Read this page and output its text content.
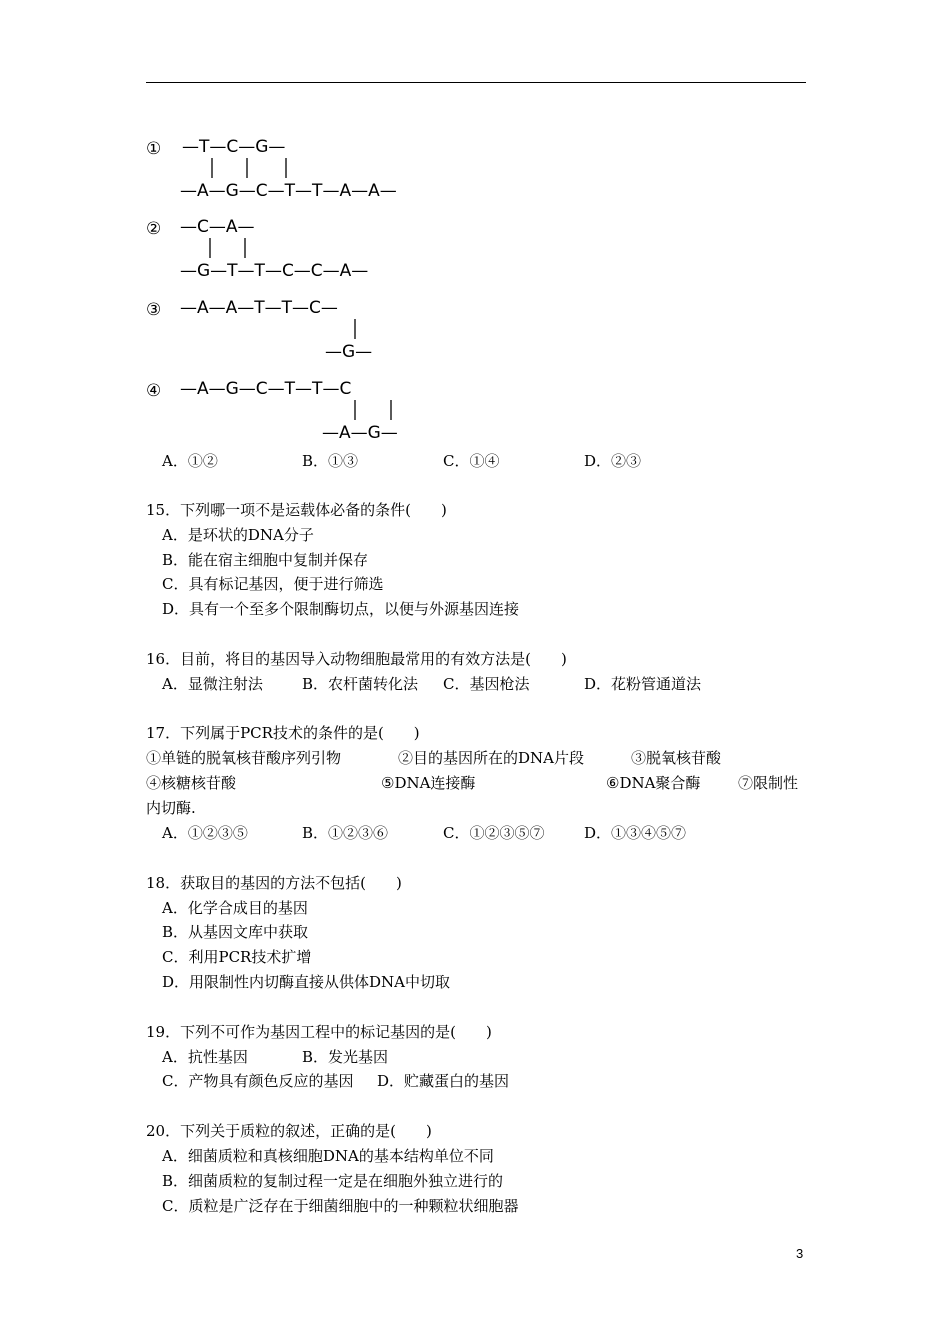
① —T—C—G—
—A—G—C—T—T—A—A—
② —C—A—
—G—T—T—C—C—A—
③ —A—A—T—T—C—
—G—
④ —A—G—C—T—T—C
—A—G—
A．①②	B．①③	C．①④	D．②③
15．下列哪一项不是运载体必备的条件(　　)
A．是环状的DNA分子
B．能在宿主细胞中复制并保存
C．具有标记基因，便于进行筛选
D．具有一个至多个限制酶切点，以便与外源基因连接
16．目前，将目的基因导入动物细胞最常用的有效方法是(　　)
A．显微注射法	B．农杆菌转化法 C．基因枪法	D．花粉管通道法
17．下列属于PCR技术的条件的是(　　)
①单链的脱氧核苷酸序列引物	②目的基因所在的DNA片段	③脱氧核苷酸
④核糖核苷酸	⑤DNA连接酶	⑥DNA聚合酶	⑦限制性
内切酶.
A．①②③⑤	B．①②③⑥	C．①②③⑤⑦	D．①③④⑤⑦
18．获取目的基因的方法不包括(　　)
A．化学合成目的基因
B．从基因文库中获取
C．利用PCR技术扩增
D．用限制性内切酶直接从供体DNA中切取
19．下列不可作为基因工程中的标记基因的是(　　)
A．抗性基因	B．发光基因
C．产物具有颜色反应的基因 D．贮藏蛋白的基因
20．下列关于质粒的叙述，正确的是(　　)
A．细菌质粒和真核细胞DNA的基本结构单位不同
B．细菌质粒的复制过程一定是在细胞外独立进行的
C．质粒是广泛存在于细菌细胞中的一种颗粒状细胞器
3
